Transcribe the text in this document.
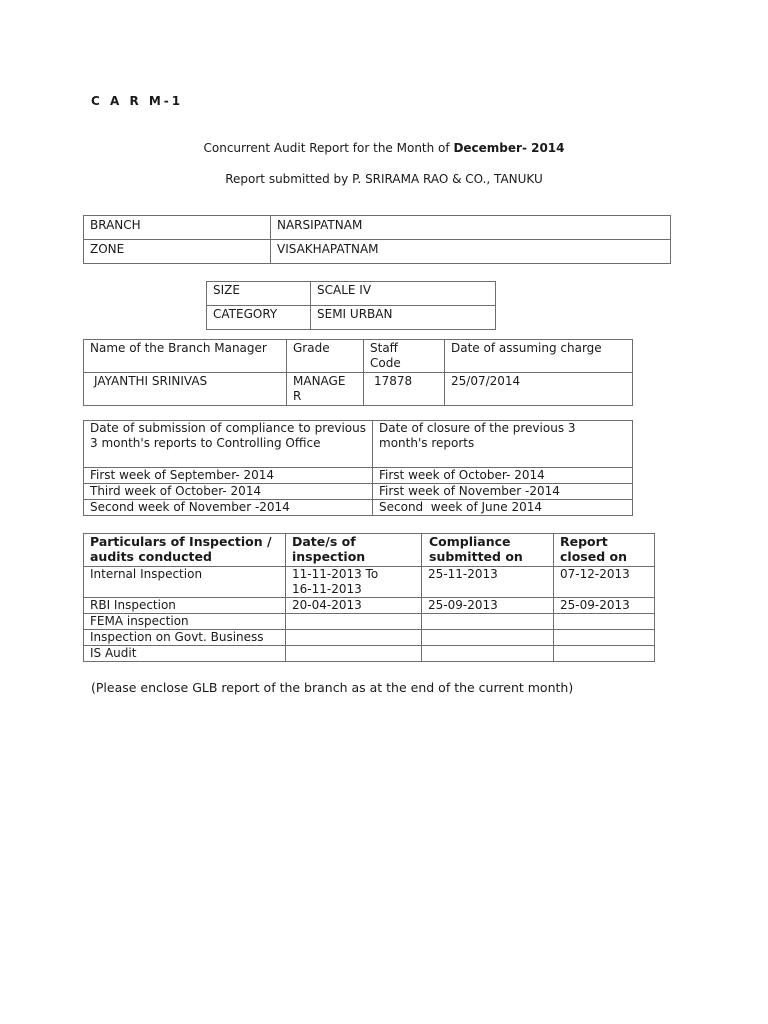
C A R M-1
Concurrent Audit Report for the Month of December- 2014
Report submitted by P. SRIRAMA RAO & CO., TANUKU
BRANCH	NARSIPATNAM
ZONE	VISAKHAPATNAM
SIZE	SCALE IV
CATEGORY	SEMI URBAN
Name of the Branch Manager	Grade	Staff Code	Date of assuming charge
JAYANTHI SRINIVAS	MANAGE R	17878	25/07/2014
Date of submission of compliance to previous 3 month's reports to Controlling Office	Date of closure of the previous 3 month's reports
First week of September- 2014	First week of October- 2014
Third week of October- 2014	First week of November -2014
Second week of November -2014	Second  week of June 2014
Particulars of Inspection / audits conducted	Date/s of inspection	Compliance submitted on	Report closed on
Internal Inspection	11-11-2013 To 16-11-2013	25-11-2013	07-12-2013
RBI Inspection	20-04-2013	25-09-2013	25-09-2013
FEMA inspection			
Inspection on Govt. Business			
IS Audit			
(Please enclose GLB report of the branch as at the end of the current month)
